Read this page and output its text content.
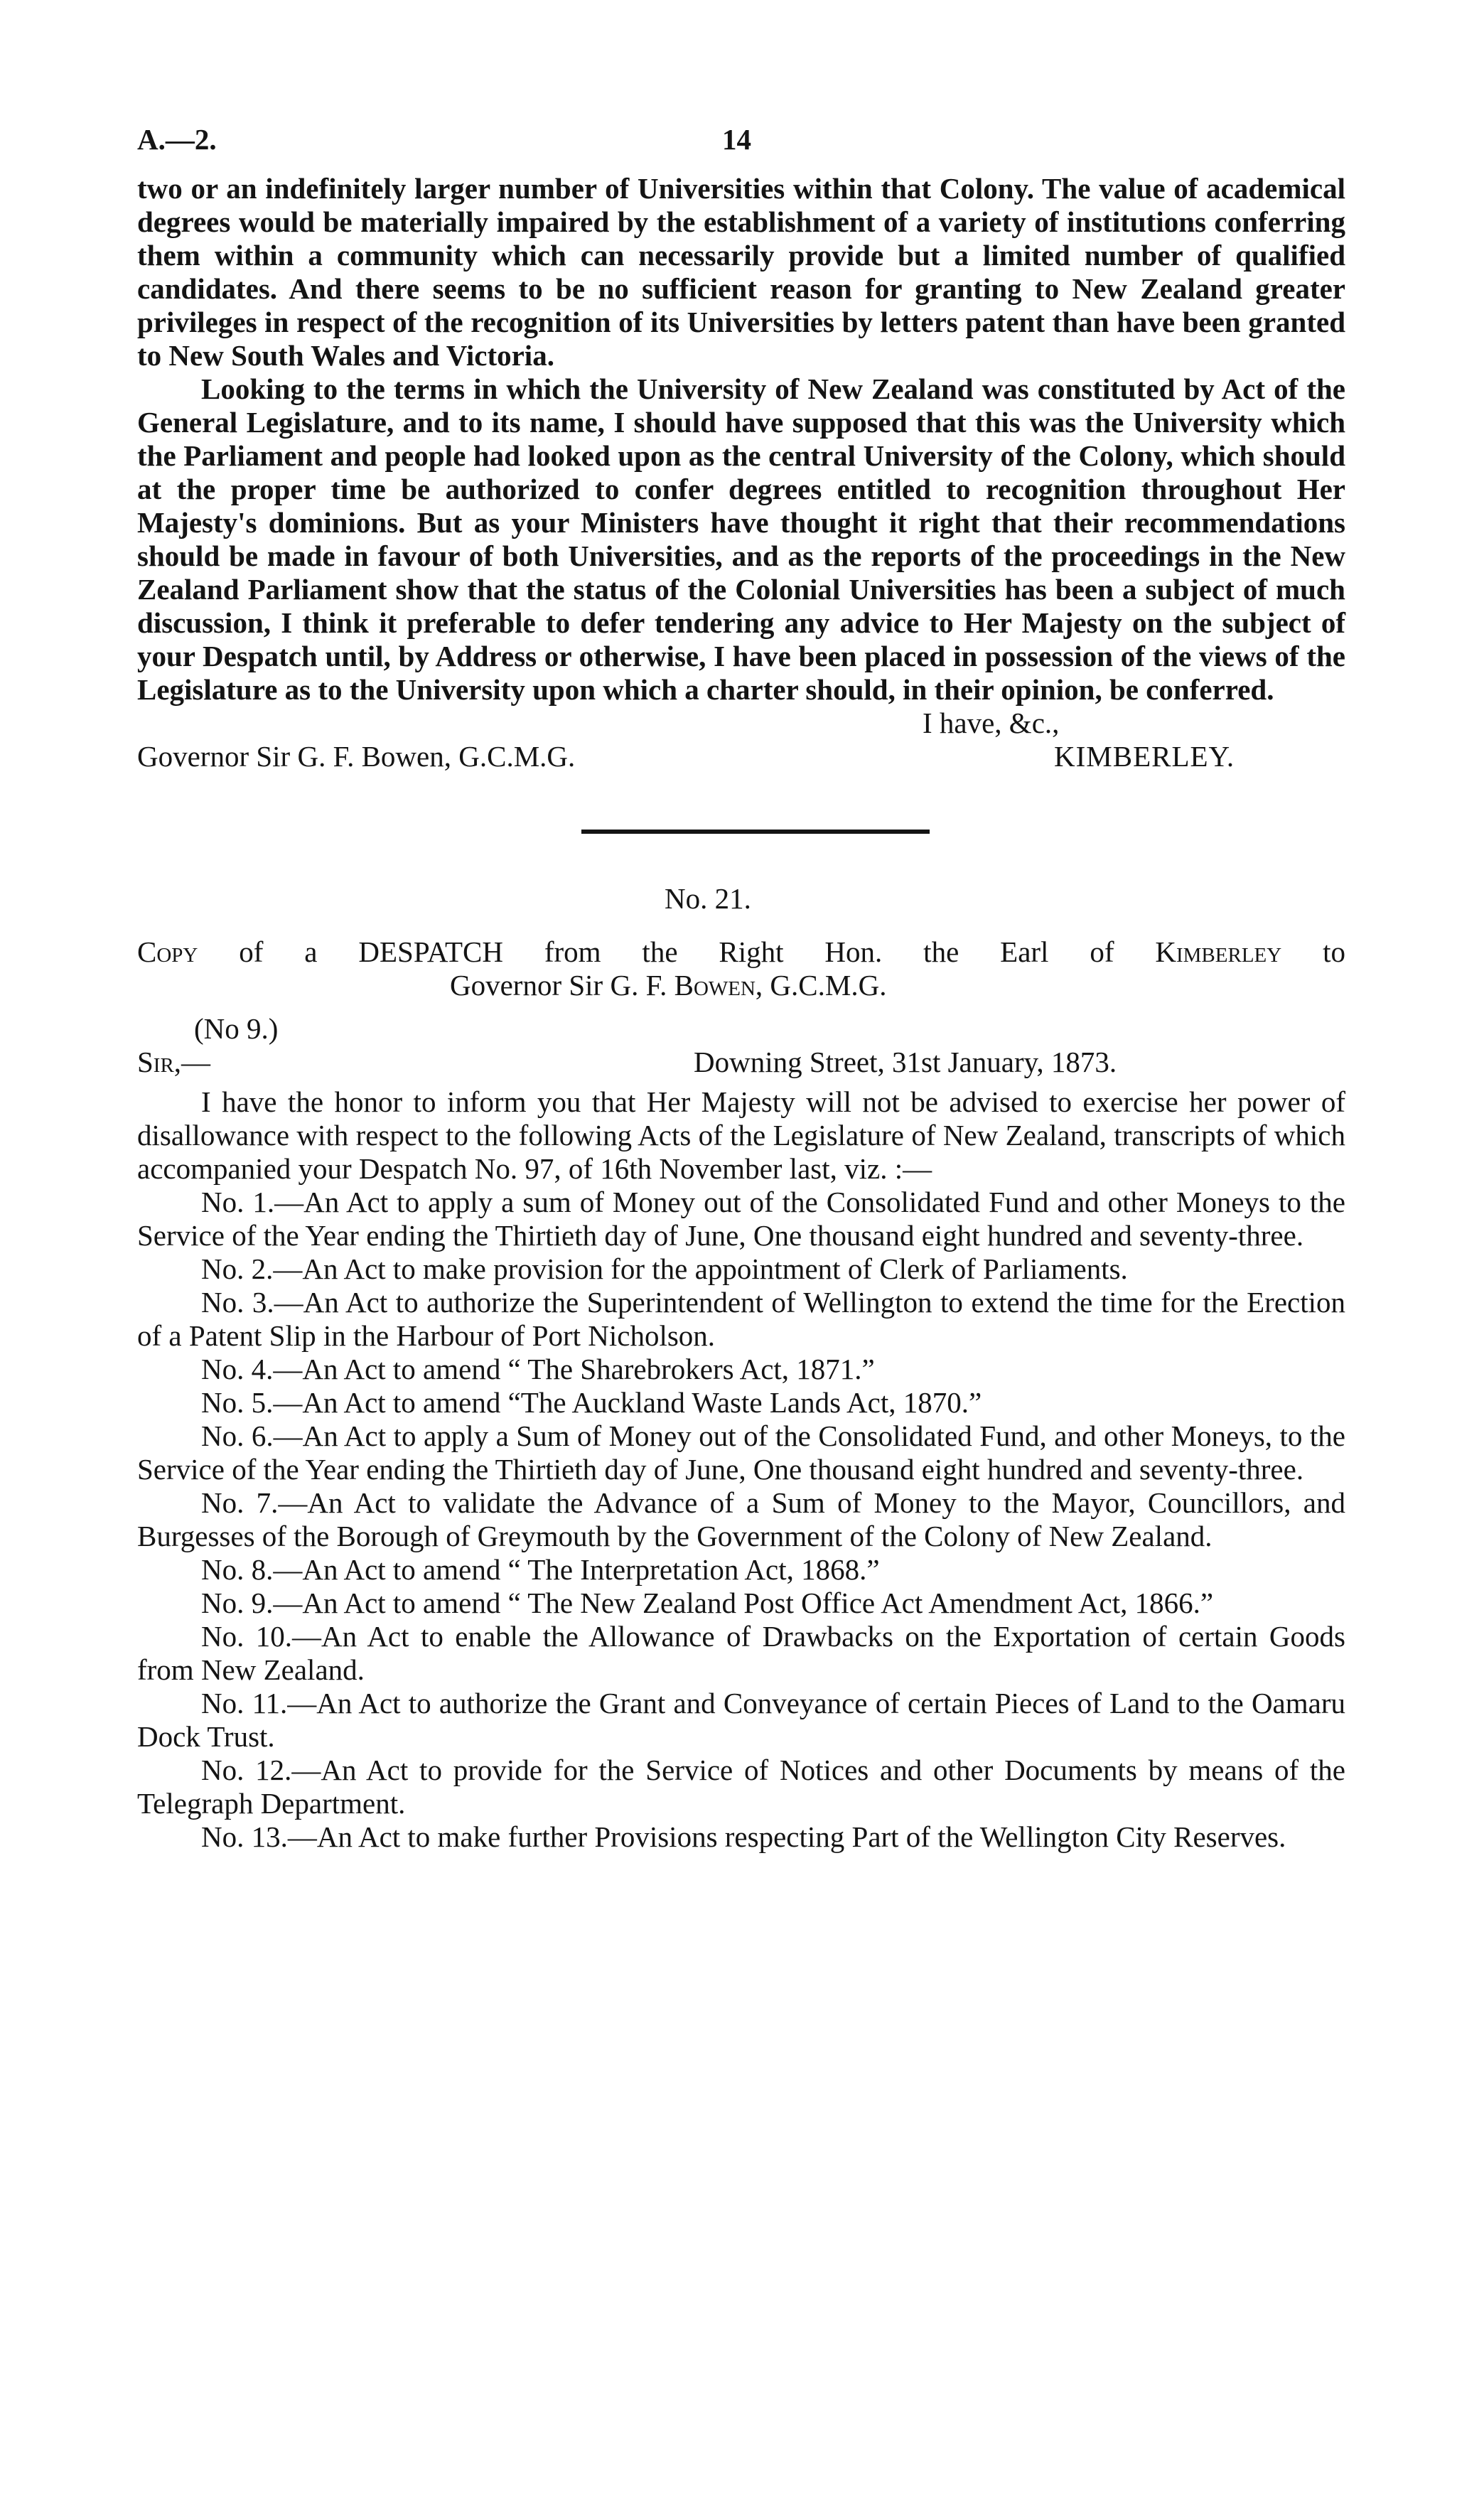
A.—2.	14

two or an indefinitely larger number of Universities within that Colony. The value of academical degrees would be materially impaired by the establishment of a variety of institutions conferring them within a community which can necessarily provide but a limited number of qualified candidates. And there seems to be no sufficient reason for granting to New Zealand greater privileges in respect of the recognition of its Universities by letters patent than have been granted to New South Wales and Victoria.

Looking to the terms in which the University of New Zealand was constituted by Act of the General Legislature, and to its name, I should have supposed that this was the University which the Parliament and people had looked upon as the central University of the Colony, which should at the proper time be authorized to confer degrees entitled to recognition throughout Her Majesty's dominions. But as your Ministers have thought it right that their recommendations should be made in favour of both Universities, and as the reports of the proceedings in the New Zealand Parliament show that the status of the Colonial Universities has been a subject of much discussion, I think it preferable to defer tendering any advice to Her Majesty on the subject of your Despatch until, by Address or otherwise, I have been placed in possession of the views of the Legislature as to the University upon which a charter should, in their opinion, be conferred.

I have, &c.,
Governor Sir G. F. Bowen, G.C.M.G.	KIMBERLEY.
No. 21.
Copy of a DESPATCH from the Right Hon. the Earl of Kimberley to
Governor Sir G. F. Bowen, G.C.M.G.
(No 9.)
Sir,—	Downing Street, 31st January, 1873.

I have the honor to inform you that Her Majesty will not be advised to exercise her power of disallowance with respect to the following Acts of the Legislature of New Zealand, transcripts of which accompanied your Despatch No. 97, of 16th November last, viz. :—

No. 1.—An Act to apply a sum of Money out of the Consolidated Fund and other Moneys to the Service of the Year ending the Thirtieth day of June, One thousand eight hundred and seventy-three.

No. 2.—An Act to make provision for the appointment of Clerk of Parliaments.

No. 3.—An Act to authorize the Superintendent of Wellington to extend the time for the Erection of a Patent Slip in the Harbour of Port Nicholson.

No. 4.—An Act to amend “ The Sharebrokers Act, 1871.”

No. 5.—An Act to amend “The Auckland Waste Lands Act, 1870.”

No. 6.—An Act to apply a Sum of Money out of the Consolidated Fund, and other Moneys, to the Service of the Year ending the Thirtieth day of June, One thousand eight hundred and seventy-three.

No. 7.—An Act to validate the Advance of a Sum of Money to the Mayor, Councillors, and Burgesses of the Borough of Greymouth by the Government of the Colony of New Zealand.

No. 8.—An Act to amend “ The Interpretation Act, 1868.”

No. 9.—An Act to amend “ The New Zealand Post Office Act Amendment Act, 1866.”

No. 10.—An Act to enable the Allowance of Drawbacks on the Exportation of certain Goods from New Zealand.

No. 11.—An Act to authorize the Grant and Conveyance of certain Pieces of Land to the Oamaru Dock Trust.

No. 12.—An Act to provide for the Service of Notices and other Documents by means of the Telegraph Department.

No. 13.—An Act to make further Provisions respecting Part of the Wellington City Reserves.
